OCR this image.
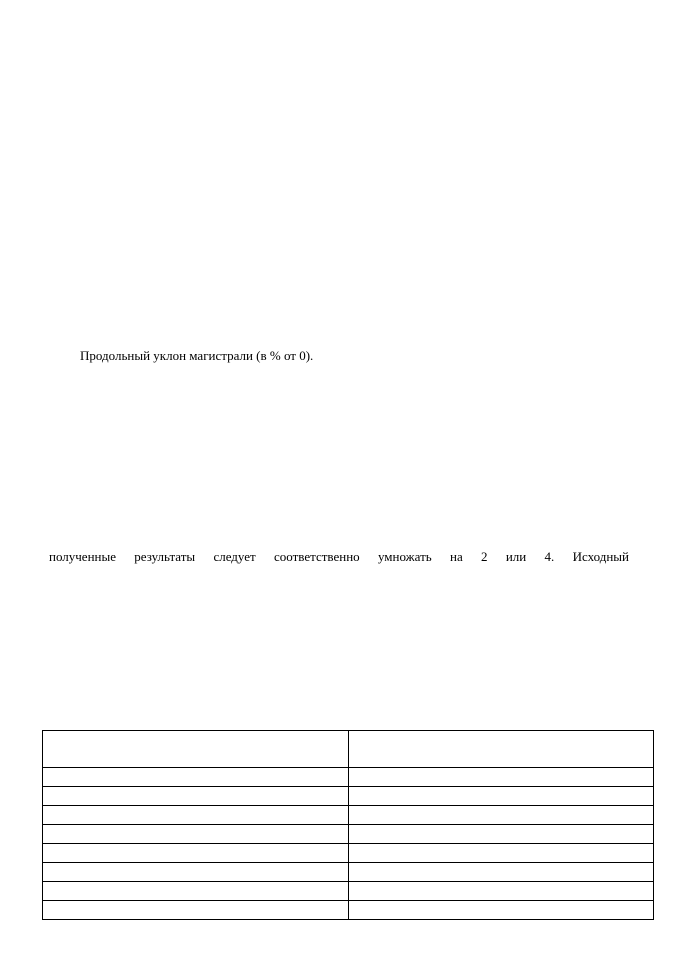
Продольный уклон магистрали (в % от 0).
полученные результаты следует соответственно умножать на 2 или 4. Исходный
